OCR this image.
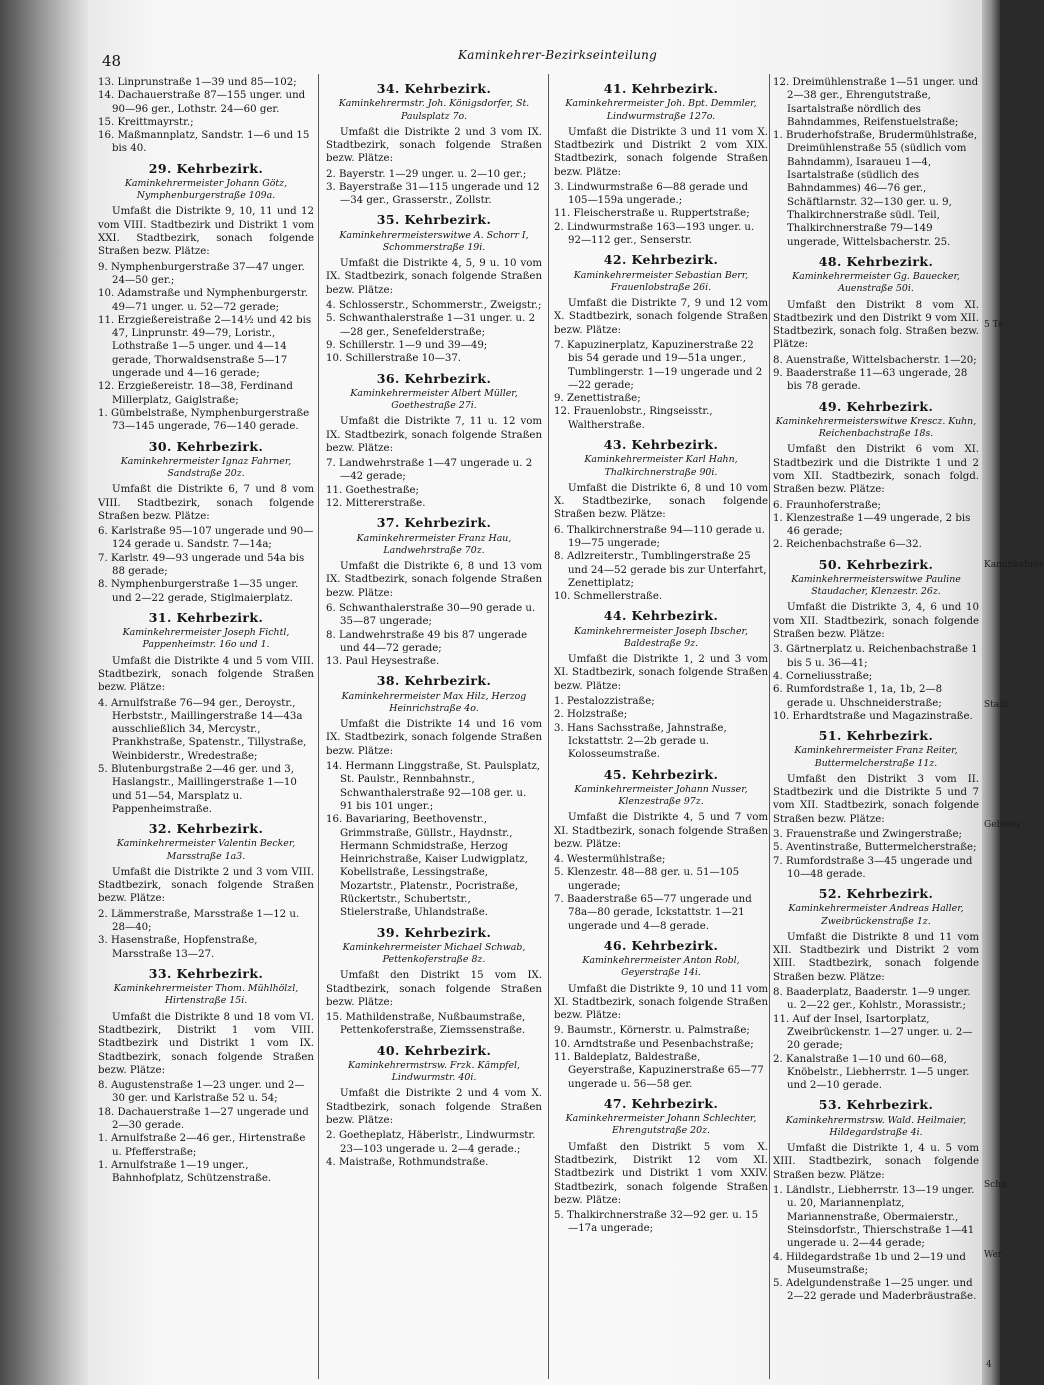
48	Kaminkehrer-Bezirkseinteilung

13. Linprunstraße 1—39 und 85—102;

14. Dachauerstraße 87—155 unger. und 90—96 ger., Lothstr. 24—60 ger.

15. Kreittmayrstr.;

16. Maßmannplatz, Sandstr. 1—6 und 15 bis 40.

29. Kehrbezirk.
Kaminkehrermeister Johann Götz, Nymphenburgerstraße 109a.

Umfaßt die Distrikte 9, 10, 11 und 12 vom VIII. Stadtbezirk und Distrikt 1 vom XXI. Stadtbezirk, sonach folgende Straßen bezw. Plätze:

9. Nymphenburgerstraße 37—47 unger. 24—50 ger.;

10. Adamstraße und Nymphenburgerstr. 49—71 unger. u. 52—72 gerade;

11. Erzgießereistraße 2—14½ und 42 bis 47, Linprunstr. 49—79, Loristr., Lothstraße 1—5 unger. und 4—14 gerade, Thorwaldsenstraße 5—17 ungerade und 4—16 gerade;

12. Erzgießereistr. 18—38, Ferdinand Millerplatz, Gaiglstraße;

1. Gümbelstraße, Nymphenburgerstraße 73—145 ungerade, 76—140 gerade.

30. Kehrbezirk.
Kaminkehrermeister Ignaz Fahrner, Sandstraße 20z.

Umfaßt die Distrikte 6, 7 und 8 vom VIII. Stadtbezirk, sonach folgende Straßen bezw. Plätze:

6. Karlstraße 95—107 ungerade und 90—124 gerade u. Sandstr. 7—14a;

7. Karlstr. 49—93 ungerade und 54a bis 88 gerade;

8. Nymphenburgerstraße 1—35 unger. und 2—22 gerade, Stiglmaierplatz.

31. Kehrbezirk.
Kaminkehrermeister Joseph Fichtl, Pappenheimstr. 16o und 1.

Umfaßt die Distrikte 4 und 5 vom VIII. Stadtbezirk, sonach folgende Straßen bezw. Plätze:

4. Arnulfstraße 76—94 ger., Deroystr., Herbststr., Maillingerstraße 14—43a ausschließlich 34, Mercystr., Prankhstraße, Spatenstr., Tillystraße, Weinbiderstr., Wredestraße;

5. Blutenburgstraße 2—46 ger. und 3, Haslangstr., Maillingerstraße 1—10 und 51—54, Marsplatz u. Pappenheimstraße.

32. Kehrbezirk.
Kaminkehrermeister Valentin Becker, Marsstraße 1a3.

Umfaßt die Distrikte 2 und 3 vom VIII. Stadtbezirk, sonach folgende Straßen bezw. Plätze:

2. Lämmerstraße, Marsstraße 1—12 u. 28—40;

3. Hasenstraße, Hopfenstraße, Marsstraße 13—27.

33. Kehrbezirk.
Kaminkehrermeister Thom. Mühlhölzl, Hirtenstraße 15i.

Umfaßt die Distrikte 8 und 18 vom VI. Stadtbezirk, Distrikt 1 vom VIII. Stadtbezirk und Distrikt 1 vom IX. Stadtbezirk, sonach folgende Straßen bezw. Plätze:

8. Augustenstraße 1—23 unger. und 2—30 ger. und Karlstraße 52 u. 54;

18. Dachauerstraße 1—27 ungerade und 2—30 gerade.

1. Arnulfstraße 2—46 ger., Hirtenstraße u. Pfefferstraße;

1. Arnulfstraße 1—19 unger., Bahnhofplatz, Schützenstraße.

34. Kehrbezirk.
Kaminkehrermstr. Joh. Königsdorfer, St. Paulsplatz 7o.

Umfaßt die Distrikte 2 und 3 vom IX. Stadtbezirk, sonach folgende Straßen bezw. Plätze:

2. Bayerstr. 1—29 unger. u. 2—10 ger.;

3. Bayerstraße 31—115 ungerade und 12—34 ger., Grasserstr., Zollstr.

35. Kehrbezirk.
Kaminkehrermeisterswitwe A. Schorr I, Schommerstraße 19i.

Umfaßt die Distrikte 4, 5, 9 u. 10 vom IX. Stadtbezirk, sonach folgende Straßen bezw. Plätze:

4. Schlosserstr., Schommerstr., Zweigstr.;

5. Schwanthalerstraße 1—31 unger. u. 2—28 ger., Senefelderstraße;

9. Schillerstr. 1—9 und 39—49;

10. Schillerstraße 10—37.

36. Kehrbezirk.
Kaminkehrermeister Albert Müller, Goethestraße 27i.

Umfaßt die Distrikte 7, 11 u. 12 vom IX. Stadtbezirk, sonach folgende Straßen bezw. Plätze:

7. Landwehrstraße 1—47 ungerade u. 2—42 gerade;

11. Goethestraße;

12. Mittererstraße.

37. Kehrbezirk.
Kaminkehrermeister Franz Hau, Landwehrstraße 70z.

Umfaßt die Distrikte 6, 8 und 13 vom IX. Stadtbezirk, sonach folgende Straßen bezw. Plätze:

6. Schwanthalerstraße 30—90 gerade u. 35—87 ungerade;

8. Landwehrstraße 49 bis 87 ungerade und 44—72 gerade;

13. Paul Heysestraße.

38. Kehrbezirk.
Kaminkehrermeister Max Hilz, Herzog Heinrichstraße 4o.

Umfaßt die Distrikte 14 und 16 vom IX. Stadtbezirk, sonach folgende Straßen bezw. Plätze:

14. Hermann Linggstraße, St. Paulsplatz, St. Paulstr., Rennbahnstr., Schwanthalerstraße 92—108 ger. u. 91 bis 101 unger.;

16. Bavariaring, Beethovenstr., Grimmstraße, Güllstr., Haydnstr., Hermann Schmidstraße, Herzog Heinrichstraße, Kaiser Ludwigplatz, Kobellstraße, Lessingstraße, Mozartstr., Platenstr., Pocristraße, Rückertstr., Schubertstr., Stielerstraße, Uhlandstraße.

39. Kehrbezirk.
Kaminkehrermeister Michael Schwab, Pettenkoferstraße 8z.

Umfaßt den Distrikt 15 vom IX. Stadtbezirk, sonach folgende Straßen bezw. Plätze:

15. Mathildenstraße, Nußbaumstraße, Pettenkoferstraße, Ziemssenstraße.

40. Kehrbezirk.
Kaminkehrermstrsw. Frzk. Kämpfel, Lindwurmstr. 40i.

Umfaßt die Distrikte 2 und 4 vom X. Stadtbezirk, sonach folgende Straßen bezw. Plätze:

2. Goetheplatz, Häberlstr., Lindwurmstr. 23—103 ungerade u. 2—4 gerade.;

4. Maistraße, Rothmundstraße.

41. Kehrbezirk.
Kaminkehrermeister Joh. Bpt. Demmler, Lindwurmstraße 127o.

Umfaßt die Distrikte 3 und 11 vom X. Stadtbezirk und Distrikt 2 vom XIX. Stadtbezirk, sonach folgende Straßen bezw. Plätze:

3. Lindwurmstraße 6—88 gerade und 105—159a ungerade.;

11. Fleischerstraße u. Ruppertstraße;

2. Lindwurmstraße 163—193 unger. u. 92—112 ger., Senserstr.

42. Kehrbezirk.
Kaminkehrermeister Sebastian Berr, Frauenlobstraße 26i.

Umfaßt die Distrikte 7, 9 und 12 vom X. Stadtbezirk, sonach folgende Straßen bezw. Plätze:

7. Kapuzinerplatz, Kapuzinerstraße 22 bis 54 gerade und 19—51a unger., Tumblingerstr. 1—19 ungerade und 2—22 gerade;

9. Zenettistraße;

12. Frauenlobstr., Ringseisstr., Waltherstraße.

43. Kehrbezirk.
Kaminkehrermeister Karl Hahn, Thalkirchnerstraße 90i.

Umfaßt die Distrikte 6, 8 und 10 vom X. Stadtbezirke, sonach folgende Straßen bezw. Plätze:

6. Thalkirchnerstraße 94—110 gerade u. 19—75 ungerade;

8. Adlzreiterstr., Tumblingerstraße 25 und 24—52 gerade bis zur Unterfahrt, Zenettiplatz;

10. Schmellerstraße.

44. Kehrbezirk.
Kaminkehrermeister Joseph Ibscher, Baldestraße 9z.

Umfaßt die Distrikte 1, 2 und 3 vom XI. Stadtbezirk, sonach folgende Straßen bezw. Plätze:

1. Pestalozzistraße;

2. Holzstraße;

3. Hans Sachsstraße, Jahnstraße, Ickstattstr. 2—2b gerade u. Kolosseumstraße.

45. Kehrbezirk.
Kaminkehrermeister Johann Nusser, Klenzestraße 97z.

Umfaßt die Distrikte 4, 5 und 7 vom XI. Stadtbezirk, sonach folgende Straßen bezw. Plätze:

4. Westermühlstraße;

5. Klenzestr. 48—88 ger. u. 51—105 ungerade;

7. Baaderstraße 65—77 ungerade und 78a—80 gerade, Ickstattstr. 1—21 ungerade und 4—8 gerade.

46. Kehrbezirk.
Kaminkehrermeister Anton Robl, Geyerstraße 14i.

Umfaßt die Distrikte 9, 10 und 11 vom XI. Stadtbezirk, sonach folgende Straßen bezw. Plätze:

9. Baumstr., Körnerstr. u. Palmstraße;

10. Arndtstraße und Pesenbachstraße;

11. Baldeplatz, Baldestraße, Geyerstraße, Kapuzinerstraße 65—77 ungerade u. 56—58 ger.

47. Kehrbezirk.
Kaminkehrermeister Johann Schlechter, Ehrengutstraße 20z.

Umfaßt den Distrikt 5 vom X. Stadtbezirk, Distrikt 12 vom XI. Stadtbezirk und Distrikt 1 vom XXIV. Stadtbezirk, sonach folgende Straßen bezw. Plätze:

5. Thalkirchnerstraße 32—92 ger. u. 15—17a ungerade;

12. Dreimühlenstraße 1—51 unger. und 2—38 ger., Ehrengutstraße, Isartalstraße nördlich des Bahndammes, Reifenstuelstraße;

1. Bruderhofstraße, Brudermühlstraße, Dreimühlenstraße 55 (südlich vom Bahndamm), Isaraueu 1—4, Isartalstraße (südlich des Bahndammes) 46—76 ger., Schäftlarnstr. 32—130 ger. u. 9, Thalkirchnerstraße südl. Teil, Thalkirchnerstraße 79—149 ungerade, Wittelsbacherstr. 25.

48. Kehrbezirk.
Kaminkehrermeister Gg. Bauecker, Auenstraße 50i.

Umfaßt den Distrikt 8 vom XI. Stadtbezirk und den Distrikt 9 vom XII. Stadtbezirk, sonach folg. Straßen bezw. Plätze:

8. Auenstraße, Wittelsbacherstr. 1—20;

9. Baaderstraße 11—63 ungerade, 28 bis 78 gerade.

49. Kehrbezirk.
Kaminkehrermeisterswitwe Krescz. Kuhn, Reichenbachstraße 18s.

Umfaßt den Distrikt 6 vom XI. Stadtbezirk und die Distrikte 1 und 2 vom XII. Stadtbezirk, sonach folgd. Straßen bezw. Plätze:

6. Fraunhoferstraße;

1. Klenzestraße 1—49 ungerade, 2 bis 46 gerade;

2. Reichenbachstraße 6—32.

50. Kehrbezirk.
Kaminkehrermeisterswitwe Pauline Staudacher, Klenzestr. 26z.

Umfaßt die Distrikte 3, 4, 6 und 10 vom XII. Stadtbezirk, sonach folgende Straßen bezw. Plätze:

3. Gärtnerplatz u. Reichenbachstraße 1 bis 5 u. 36—41;

4. Corneliusstraße;

6. Rumfordstraße 1, 1a, 1b, 2—8 gerade u. Uhschneiderstraße;

10. Erhardtstraße und Magazinstraße.

51. Kehrbezirk.
Kaminkehrermeister Franz Reiter, Buttermelcherstraße 11z.

Umfaßt den Distrikt 3 vom II. Stadtbezirk und die Distrikte 5 und 7 vom XII. Stadtbezirk, sonach folgende Straßen bezw. Plätze:

3. Frauenstraße und Zwingerstraße;

5. Aventinstraße, Buttermelcherstraße;

7. Rumfordstraße 3—45 ungerade und 10—48 gerade.

52. Kehrbezirk.
Kaminkehrermeister Andreas Haller, Zweibrückenstraße 1z.

Umfaßt die Distrikte 8 und 11 vom XII. Stadtbezirk und Distrikt 2 vom XIII. Stadtbezirk, sonach folgende Straßen bezw. Plätze:

8. Baaderplatz, Baaderstr. 1—9 unger. u. 2—22 ger., Kohlstr., Morassistr.;

11. Auf der Insel, Isartorplatz, Zweibrückenstr. 1—27 unger. u. 2—20 gerade;

2. Kanalstraße 1—10 und 60—68, Knöbelstr., Liebherrstr. 1—5 unger. und 2—10 gerade.

53. Kehrbezirk.
Kaminkehrermstrsw. Wald. Heilmaier, Hildegardstraße 4i.

Umfaßt die Distrikte 1, 4 u. 5 vom XIII. Stadtbezirk, sonach folgende Straßen bezw. Plätze:

1. Ländlstr., Liebherrstr. 13—19 unger. u. 20, Mariannenplatz, Mariannenstraße, Obermaierstr., Steinsdorfstr., Thierschstraße 1—41 ungerade u. 2—44 gerade;

4. Hildegardstraße 1b und 2—19 und Museumstraße;

5. Adelgundenstraße 1—25 unger. und 2—22 gerade und Maderbräustraße.

5 Te
Kaminkehrer
Stadt
Gebietu
Schu
Wer
4
